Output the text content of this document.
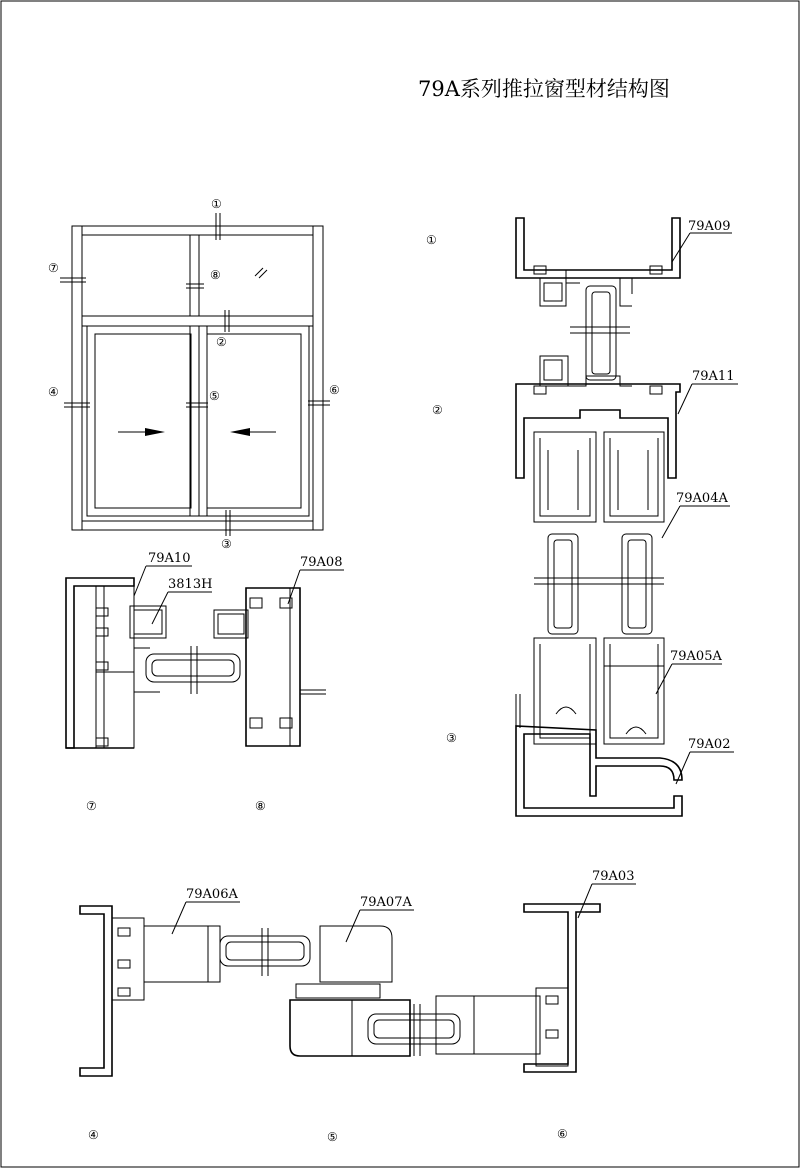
79A系列推拉窗型材结构图
①
⑦	⑧
②
④	⑤	⑥
③
①
②
③
79A09
79A11
79A04A
79A05A
79A02
79A10
3813H
79A08
⑦	⑧
79A06A
79A07A
79A03
④	⑤	⑥
